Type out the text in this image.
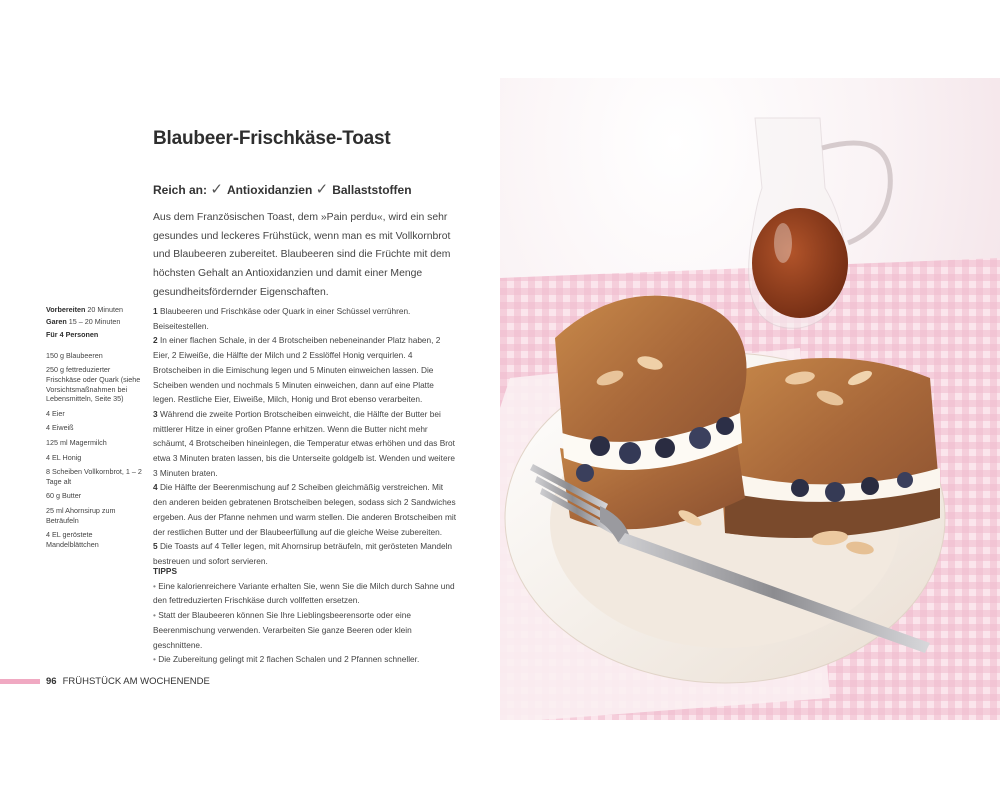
Blaubeer-Frischkäse-Toast
Reich an: ✓ Antioxidanzien ✓ Ballaststoffen
Aus dem Französischen Toast, dem »Pain perdu«, wird ein sehr gesundes und leckeres Frühstück, wenn man es mit Vollkornbrot und Blaubeeren zubereitet. Blaubeeren sind die Früchte mit dem höchsten Gehalt an Antioxidanzien und damit einer Menge gesundheitsfördernder Eigenschaften.
Vorbereiten 20 Minuten
Garen 15 – 20 Minuten
Für 4 Personen
150 g Blaubeeren
250 g fettreduzierter Frischkäse oder Quark (siehe Vorsichtsmaßnahmen bei Lebensmitteln, Seite 35)
4 Eier
4 Eiweiß
125 ml Magermilch
4 EL Honig
8 Scheiben Vollkornbrot, 1 – 2 Tage alt
60 g Butter
25 ml Ahornsirup zum Beträufeln
4 EL geröstete Mandelblättchen

1 Blaubeeren und Frischkäse oder Quark in einer Schüssel verrühren. Beiseitestellen.

2 In einer flachen Schale, in der 4 Brotscheiben nebeneinander Platz haben, 2 Eier, 2 Eiweiße, die Hälfte der Milch und 2 Esslöffel Honig verquirlen. 4 Brotscheiben in die Eimischung legen und 5 Minuten einweichen lassen. Die Scheiben wenden und nochmals 5 Minuten einweichen, dann auf eine Platte legen. Restliche Eier, Eiweiße, Milch, Honig und Brot ebenso verarbeiten.

3 Während die zweite Portion Brotscheiben einweicht, die Hälfte der Butter bei mittlerer Hitze in einer großen Pfanne erhitzen. Wenn die Butter nicht mehr schäumt, 4 Brotscheiben hineinlegen, die Temperatur etwas erhöhen und das Brot etwa 3 Minuten braten lassen, bis die Unterseite goldgelb ist. Wenden und weitere 3 Minuten braten.

4 Die Hälfte der Beerenmischung auf 2 Scheiben gleichmäßig verstreichen. Mit den anderen beiden gebratenen Brotscheiben belegen, sodass sich 2 Sandwiches ergeben. Aus der Pfanne nehmen und warm stellen. Die anderen Brotscheiben mit der restlichen Butter und der Blaubeerfüllung auf die gleiche Weise zubereiten.

5 Die Toasts auf 4 Teller legen, mit Ahornsirup beträufeln, mit gerösteten Mandeln bestreuen und sofort servieren.

TIPPS

• Eine kalorienreichere Variante erhalten Sie, wenn Sie die Milch durch Sahne und den fettreduzierten Frischkäse durch vollfetten ersetzen.

• Statt der Blaubeeren können Sie Ihre Lieblingsbeerensorte oder eine Beerenmischung verwenden. Verarbeiten Sie ganze Beeren oder klein geschnittene.

• Die Zubereitung gelingt mit 2 flachen Schalen und 2 Pfannen schneller.

96 FRÜHSTÜCK AM WOCHENENDE
